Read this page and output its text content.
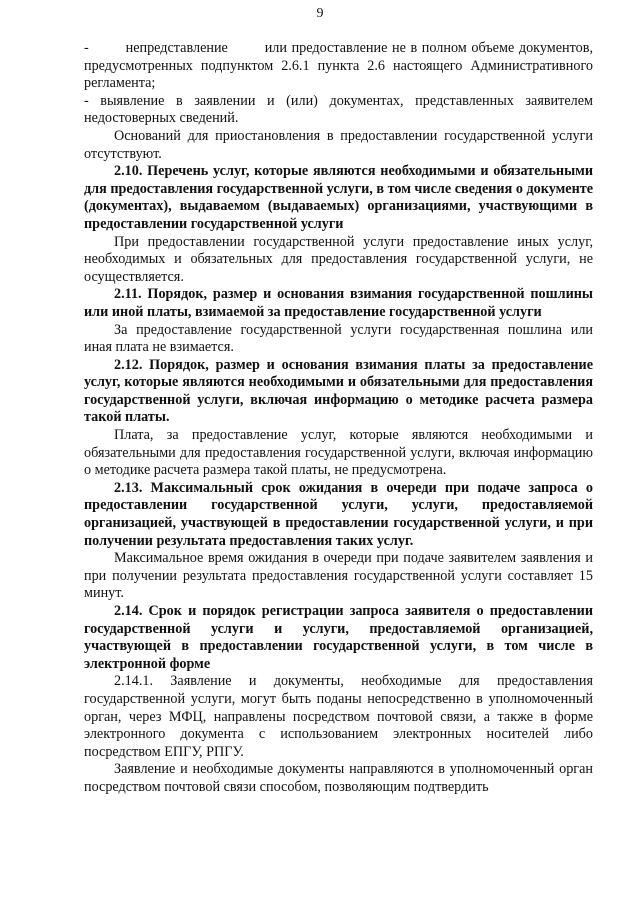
9

-        непредставление        или предоставление не в полном объеме документов, предусмотренных подпунктом 2.6.1 пункта 2.6 настоящего Административного регламента;

- выявление в заявлении и (или) документах, представленных заявителем недостоверных сведений.

Оснований для приостановления в предоставлении государственной услуги отсутствуют.

2.10. Перечень услуг, которые являются необходимыми и обязательными для предоставления государственной услуги, в том числе сведения о документе (документах), выдаваемом (выдаваемых) организациями, участвующими в предоставлении государственной услуги

При предоставлении государственной услуги предоставление иных услуг, необходимых и обязательных для предоставления государственной услуги, не осуществляется.

2.11. Порядок, размер и основания взимания государственной пошлины или иной платы, взимаемой за предоставление государственной услуги

За предоставление государственной услуги государственная пошлина или иная плата не взимается.

2.12. Порядок, размер и основания взимания платы за предоставление услуг, которые являются необходимыми и обязательными для предоставления государственной услуги, включая информацию о методике расчета размера такой платы.

Плата, за предоставление услуг, которые являются необходимыми и обязательными для предоставления государственной услуги, включая информацию о методике расчета размера такой платы, не предусмотрена.

2.13. Максимальный срок ожидания в очереди при подаче запроса о предоставлении государственной услуги, услуги, предоставляемой организацией, участвующей в предоставлении государственной услуги, и при получении результата предоставления таких услуг.

Максимальное время ожидания в очереди при подаче заявителем заявления и при получении результата предоставления государственной услуги составляет 15 минут.

2.14. Срок и порядок регистрации запроса заявителя о предоставлении государственной услуги и услуги, предоставляемой организацией, участвующей в предоставлении государственной услуги, в том числе в электронной форме

2.14.1. Заявление и документы, необходимые для предоставления государственной услуги, могут быть поданы непосредственно в уполномоченный орган, через МФЦ, направлены посредством почтовой связи, а также в форме электронного документа с использованием электронных носителей либо посредством ЕПГУ, РПГУ.

Заявление и необходимые документы направляются в уполномоченный орган посредством почтовой связи способом, позволяющим подтвердить
